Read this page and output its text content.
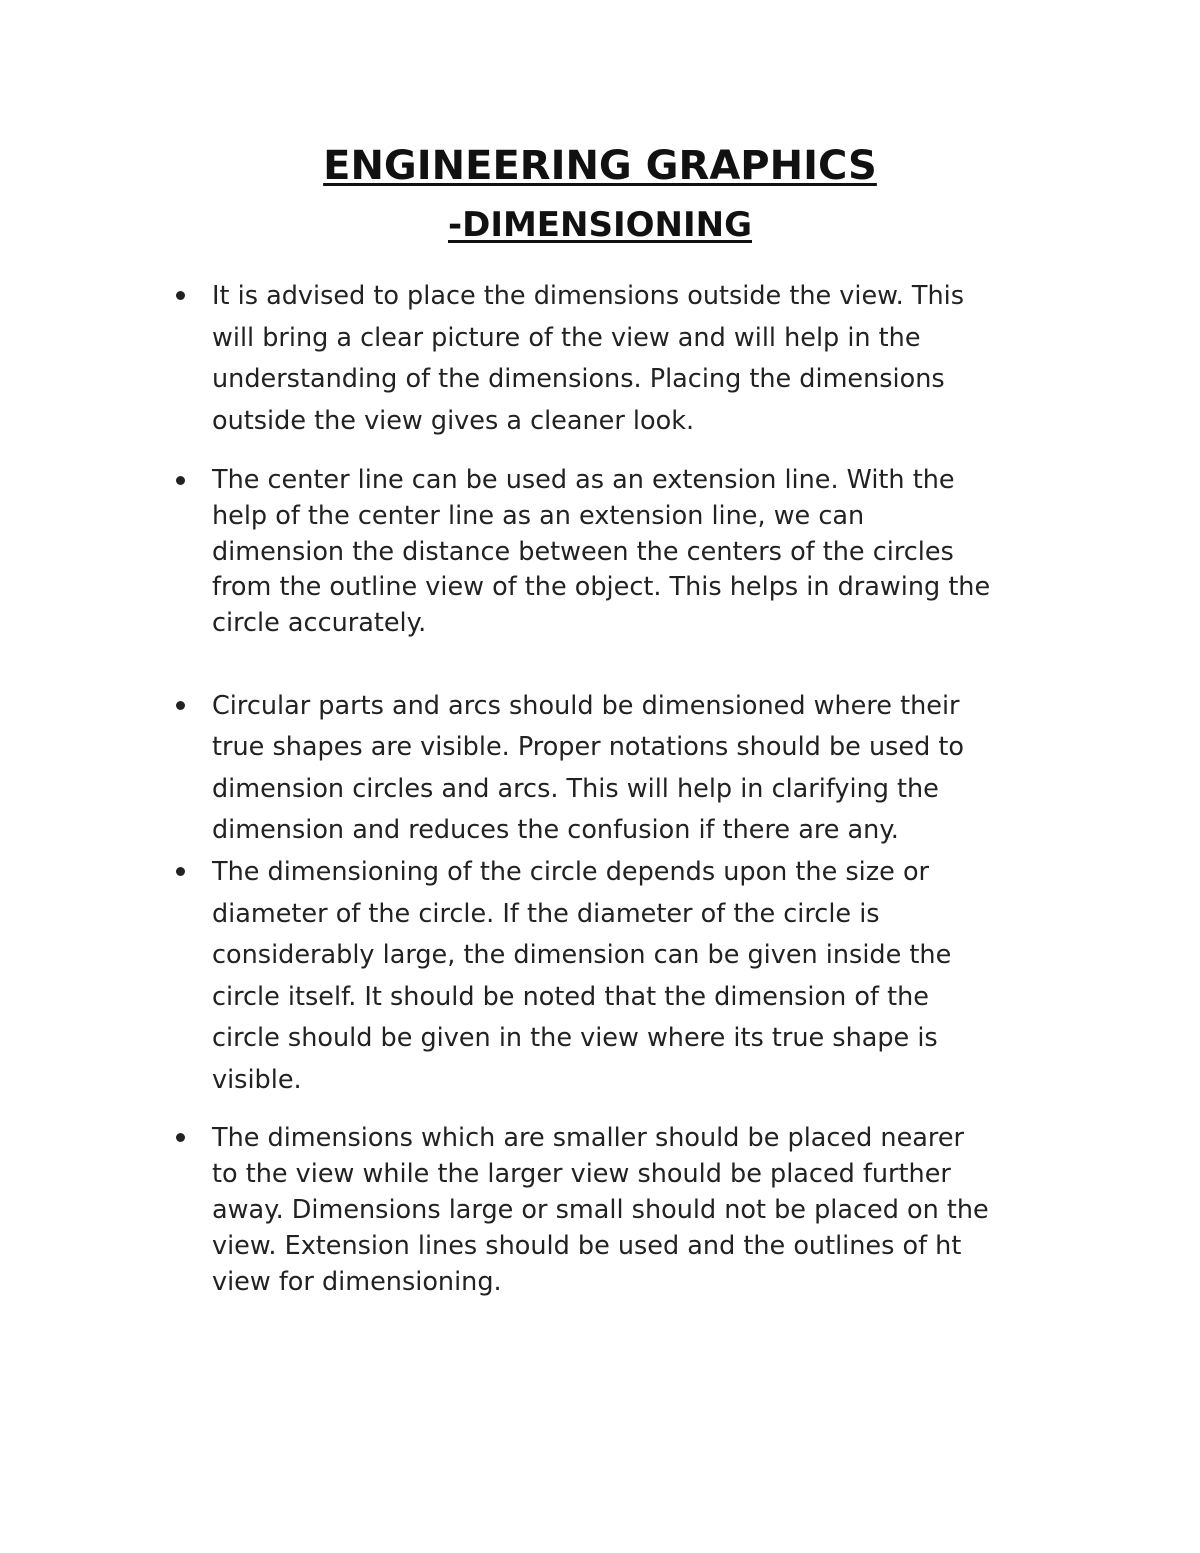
ENGINEERING GRAPHICS
-DIMENSIONING

It is advised to place the dimensions outside the view. This
will bring a clear picture of the view and will help in the
understanding of the dimensions. Placing the dimensions
outside the view gives a cleaner look.

The center line can be used as an extension line. With the
help of the center line as an extension line, we can
dimension the distance between the centers of the circles
from the outline view of the object. This helps in drawing the
circle accurately.

Circular parts and arcs should be dimensioned where their
true shapes are visible. Proper notations should be used to
dimension circles and arcs. This will help in clarifying the
dimension and reduces the confusion if there are any.

The dimensioning of the circle depends upon the size or
diameter of the circle. If the diameter of the circle is
considerably large, the dimension can be given inside the
circle itself. It should be noted that the dimension of the
circle should be given in the view where its true shape is
visible.

The dimensions which are smaller should be placed nearer
to the view while the larger view should be placed further
away. Dimensions large or small should not be placed on the
view. Extension lines should be used and the outlines of ht
view for dimensioning.
